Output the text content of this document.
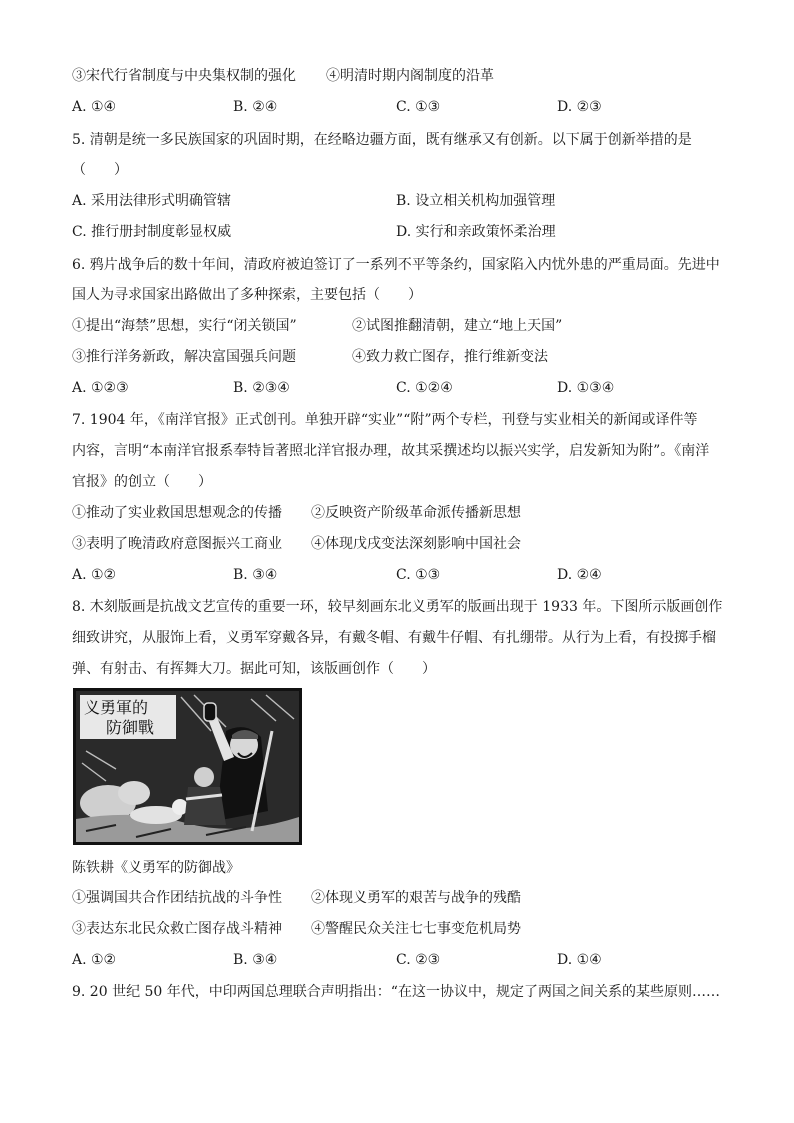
③宋代行省制度与中央集权制的强化 ④明清时期内阁制度的沿革
A. ①④	B. ②④	C. ①③	D. ②③
5. 清朝是统一多民族国家的巩固时期，在经略边疆方面，既有继承又有创新。以下属于创新举措的是
（　　）
A. 采用法律形式明确管辖	B. 设立相关机构加强管理
C. 推行册封制度彰显权威	D. 实行和亲政策怀柔治理
6. 鸦片战争后的数十年间，清政府被迫签订了一系列不平等条约，国家陷入内忧外患的严重局面。先进中
国人为寻求国家出路做出了多种探索，主要包括（　　）
①提出“海禁”思想，实行“闭关锁国”	②试图推翻清朝，建立“地上天国”
③推行洋务新政，解决富国强兵问题	④致力救亡图存，推行维新变法
A. ①②③	B. ②③④	C. ①②④	D. ①③④
7. 1904 年，《南洋官报》正式创刊。单独开辟“实业”“附”两个专栏，刊登与实业相关的新闻或译件等
内容，言明“本南洋官报系奉特旨著照北洋官报办理，故其采撰述均以振兴实学，启发新知为附”。《南洋
官报》的创立（　　）
①推动了实业救国思想观念的传播 ②反映资产阶级革命派传播新思想
③表明了晚清政府意图振兴工商业 ④体现戊戌变法深刻影响中国社会
A. ①②	B. ③④	C. ①③	D. ②④
8. 木刻版画是抗战文艺宣传的重要一环，较早刻画东北义勇军的版画出现于 1933 年。下图所示版画创作
细致讲究，从服饰上看，义勇军穿戴各异，有戴冬帽、有戴牛仔帽、有扎绷带。从行为上看，有投掷手榴
弹、有射击、有挥舞大刀。据此可知，该版画创作（　　）
义勇軍的
防御戰
陈铁耕《义勇军的防御战》
①强调国共合作团结抗战的斗争性 ②体现义勇军的艰苦与战争的残酷
③表达东北民众救亡图存战斗精神 ④警醒民众关注七七事变危机局势
A. ①②	B. ③④	C. ②③	D. ①④
9. 20 世纪 50 年代，中印两国总理联合声明指出：“在这一协议中，规定了两国之间关系的某些原则……
